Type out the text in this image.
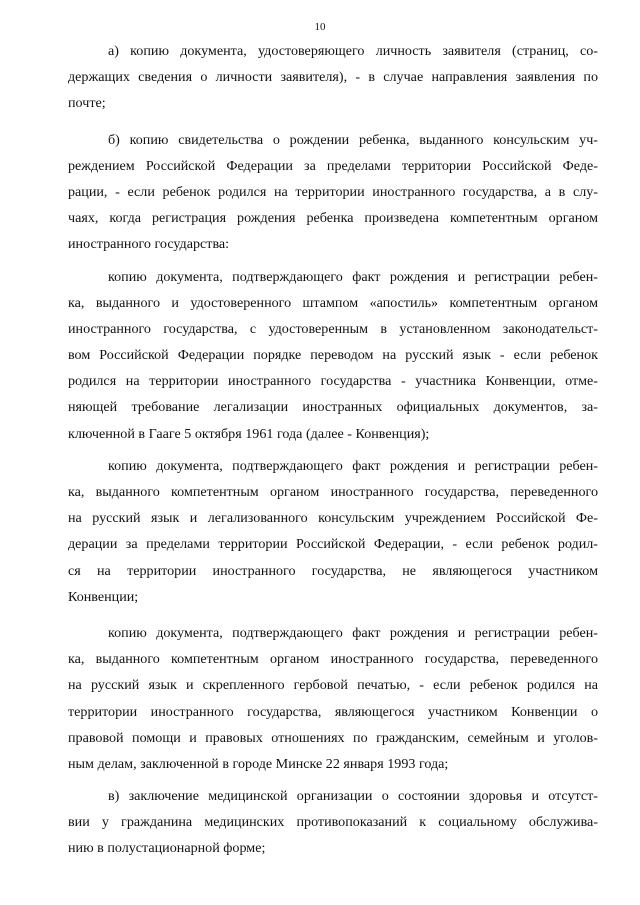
10
а) копию документа, удостоверяющего личность заявителя (страниц, со-
держащих сведения о личности заявителя), - в случае направления заявления по
почте;
б) копию свидетельства о рождении ребенка, выданного консульским уч-
реждением Российской Федерации за пределами территории Российской Феде-
рации, - если ребенок родился на территории иностранного государства, а в слу-
чаях, когда регистрация рождения ребенка произведена компетентным органом
иностранного государства:
копию документа, подтверждающего факт рождения и регистрации ребен-
ка, выданного и удостоверенного штампом «апостиль» компетентным органом
иностранного государства, с удостоверенным в установленном законодательст-
вом Российской Федерации порядке переводом на русский язык - если ребенок
родился на территории иностранного государства - участника Конвенции, отме-
няющей требование легализации иностранных официальных документов, за-
ключенной в Гааге 5 октября 1961 года (далее - Конвенция);
копию документа, подтверждающего факт рождения и регистрации ребен-
ка, выданного компетентным органом иностранного государства, переведенного
на русский язык и легализованного консульским учреждением Российской Фе-
дерации за пределами территории Российской Федерации, - если ребенок родил-
ся на территории иностранного государства, не являющегося участником
Конвенции;
копию документа, подтверждающего факт рождения и регистрации ребен-
ка, выданного компетентным органом иностранного государства, переведенного
на русский язык и скрепленного гербовой печатью, - если ребенок родился на
территории иностранного государства, являющегося участником Конвенции о
правовой помощи и правовых отношениях по гражданским, семейным и уголов-
ным делам, заключенной в городе Минске 22 января 1993 года;
в) заключение медицинской организации о состоянии здоровья и отсутст-
вии у гражданина медицинских противопоказаний к социальному обслужива-
нию в полустационарной форме;
